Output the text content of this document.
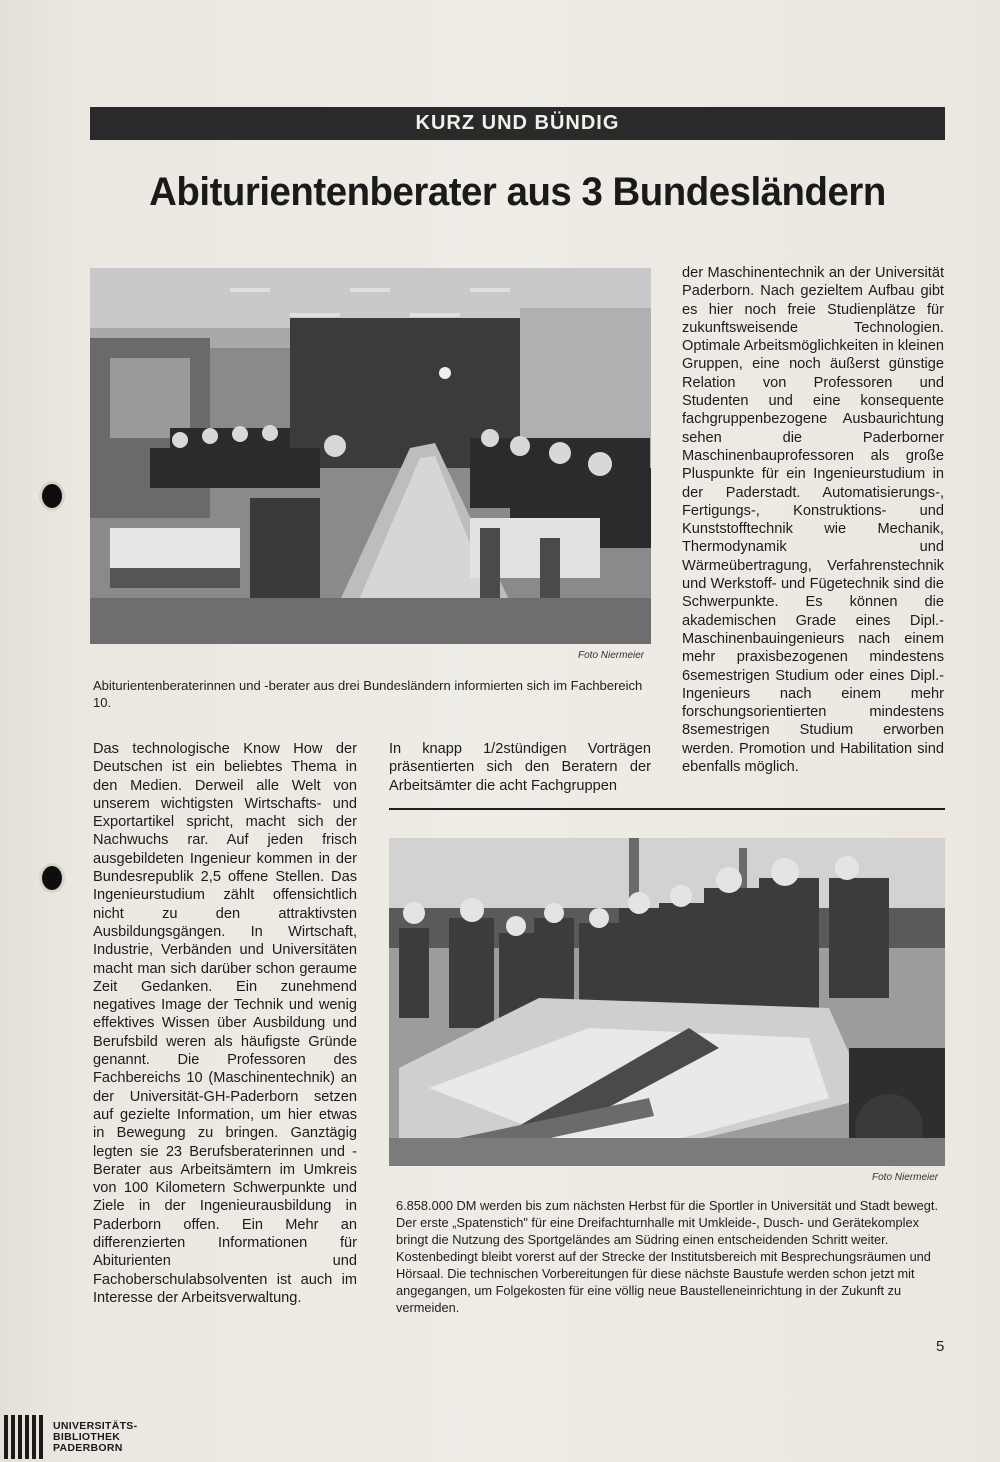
KURZ UND BÜNDIG
Abiturientenberater aus 3 Bundesländern
Foto Niermeier
Abiturientenberaterinnen und -berater aus drei Bundesländern informierten sich im Fachbereich 10.

Das technologische Know How der Deutschen ist ein beliebtes Thema in den Medien. Derweil alle Welt von unserem wichtigsten Wirtschafts- und Exportartikel spricht, macht sich der Nachwuchs rar. Auf jeden frisch ausgebildeten Ingenieur kommen in der Bundesrepublik 2,5 offene Stellen. Das Ingenieurstudium zählt offensichtlich nicht zu den attraktivsten Ausbildungsgängen. In Wirtschaft, Industrie, Verbänden und Universitäten macht man sich darüber schon geraume Zeit Gedanken. Ein zunehmend negatives Image der Technik und wenig effektives Wissen über Ausbildung und Berufsbild weren als häufigste Gründe genannt. Die Professoren des Fachbereichs 10 (Maschinentechnik) an der Universität-GH-Paderborn setzen auf gezielte Information, um hier etwas in Bewegung zu bringen. Ganztägig legten sie 23 Berufsberaterinnen und -Berater aus Arbeitsämtern im Umkreis von 100 Kilometern Schwerpunkte und Ziele in der Ingenieurausbildung in Paderborn offen. Ein Mehr an differenzierten Informationen für Abiturienten und Fachoberschulabsolventen ist auch im Interesse der Arbeitsverwaltung.

In knapp 1/2stündigen Vorträgen präsentierten sich den Beratern der Arbeitsämter die acht Fachgruppen

der Maschinentechnik an der Universität Paderborn. Nach gezieltem Aufbau gibt es hier noch freie Studienplätze für zukunftsweisende Technologien. Optimale Arbeitsmöglichkeiten in kleinen Gruppen, eine noch äußerst günstige Relation von Professoren und Studenten und eine konsequente fachgruppenbezogene Ausbaurichtung sehen die Paderborner Maschinenbauprofessoren als große Pluspunkte für ein Ingenieurstudium in der Paderstadt. Automatisierungs-, Fertigungs-, Konstruktions- und Kunststofftechnik wie Mechanik, Thermodynamik und Wärmeübertragung, Verfahrenstechnik und Werkstoff- und Fügetechnik sind die Schwerpunkte. Es können die akademischen Grade eines Dipl.-Maschinenbauingenieurs nach einem mehr praxisbezogenen mindestens 6semestrigen Studium oder eines Dipl.-Ingenieurs nach einem mehr forschungsorientierten mindestens 8semestrigen Studium erworben werden. Promotion und Habilitation sind ebenfalls möglich.

Foto Niermeier
6.858.000 DM werden bis zum nächsten Herbst für die Sportler in Universität und Stadt bewegt. Der erste „Spatenstich" für eine Dreifachturnhalle mit Umkleide-, Dusch- und Gerätekomplex bringt die Nutzung des Sportgeländes am Südring einen entscheidenden Schritt weiter. Kostenbedingt bleibt vorerst auf der Strecke der Institutsbereich mit Besprechungsräumen und Hörsaal. Die technischen Vorbereitungen für diese nächste Baustufe werden schon jetzt mit angegangen, um Folgekosten für eine völlig neue Baustelleneinrichtung in der Zukunft zu vermeiden.
5
UNIVERSITÄTS-
BIBLIOTHEK
PADERBORN
